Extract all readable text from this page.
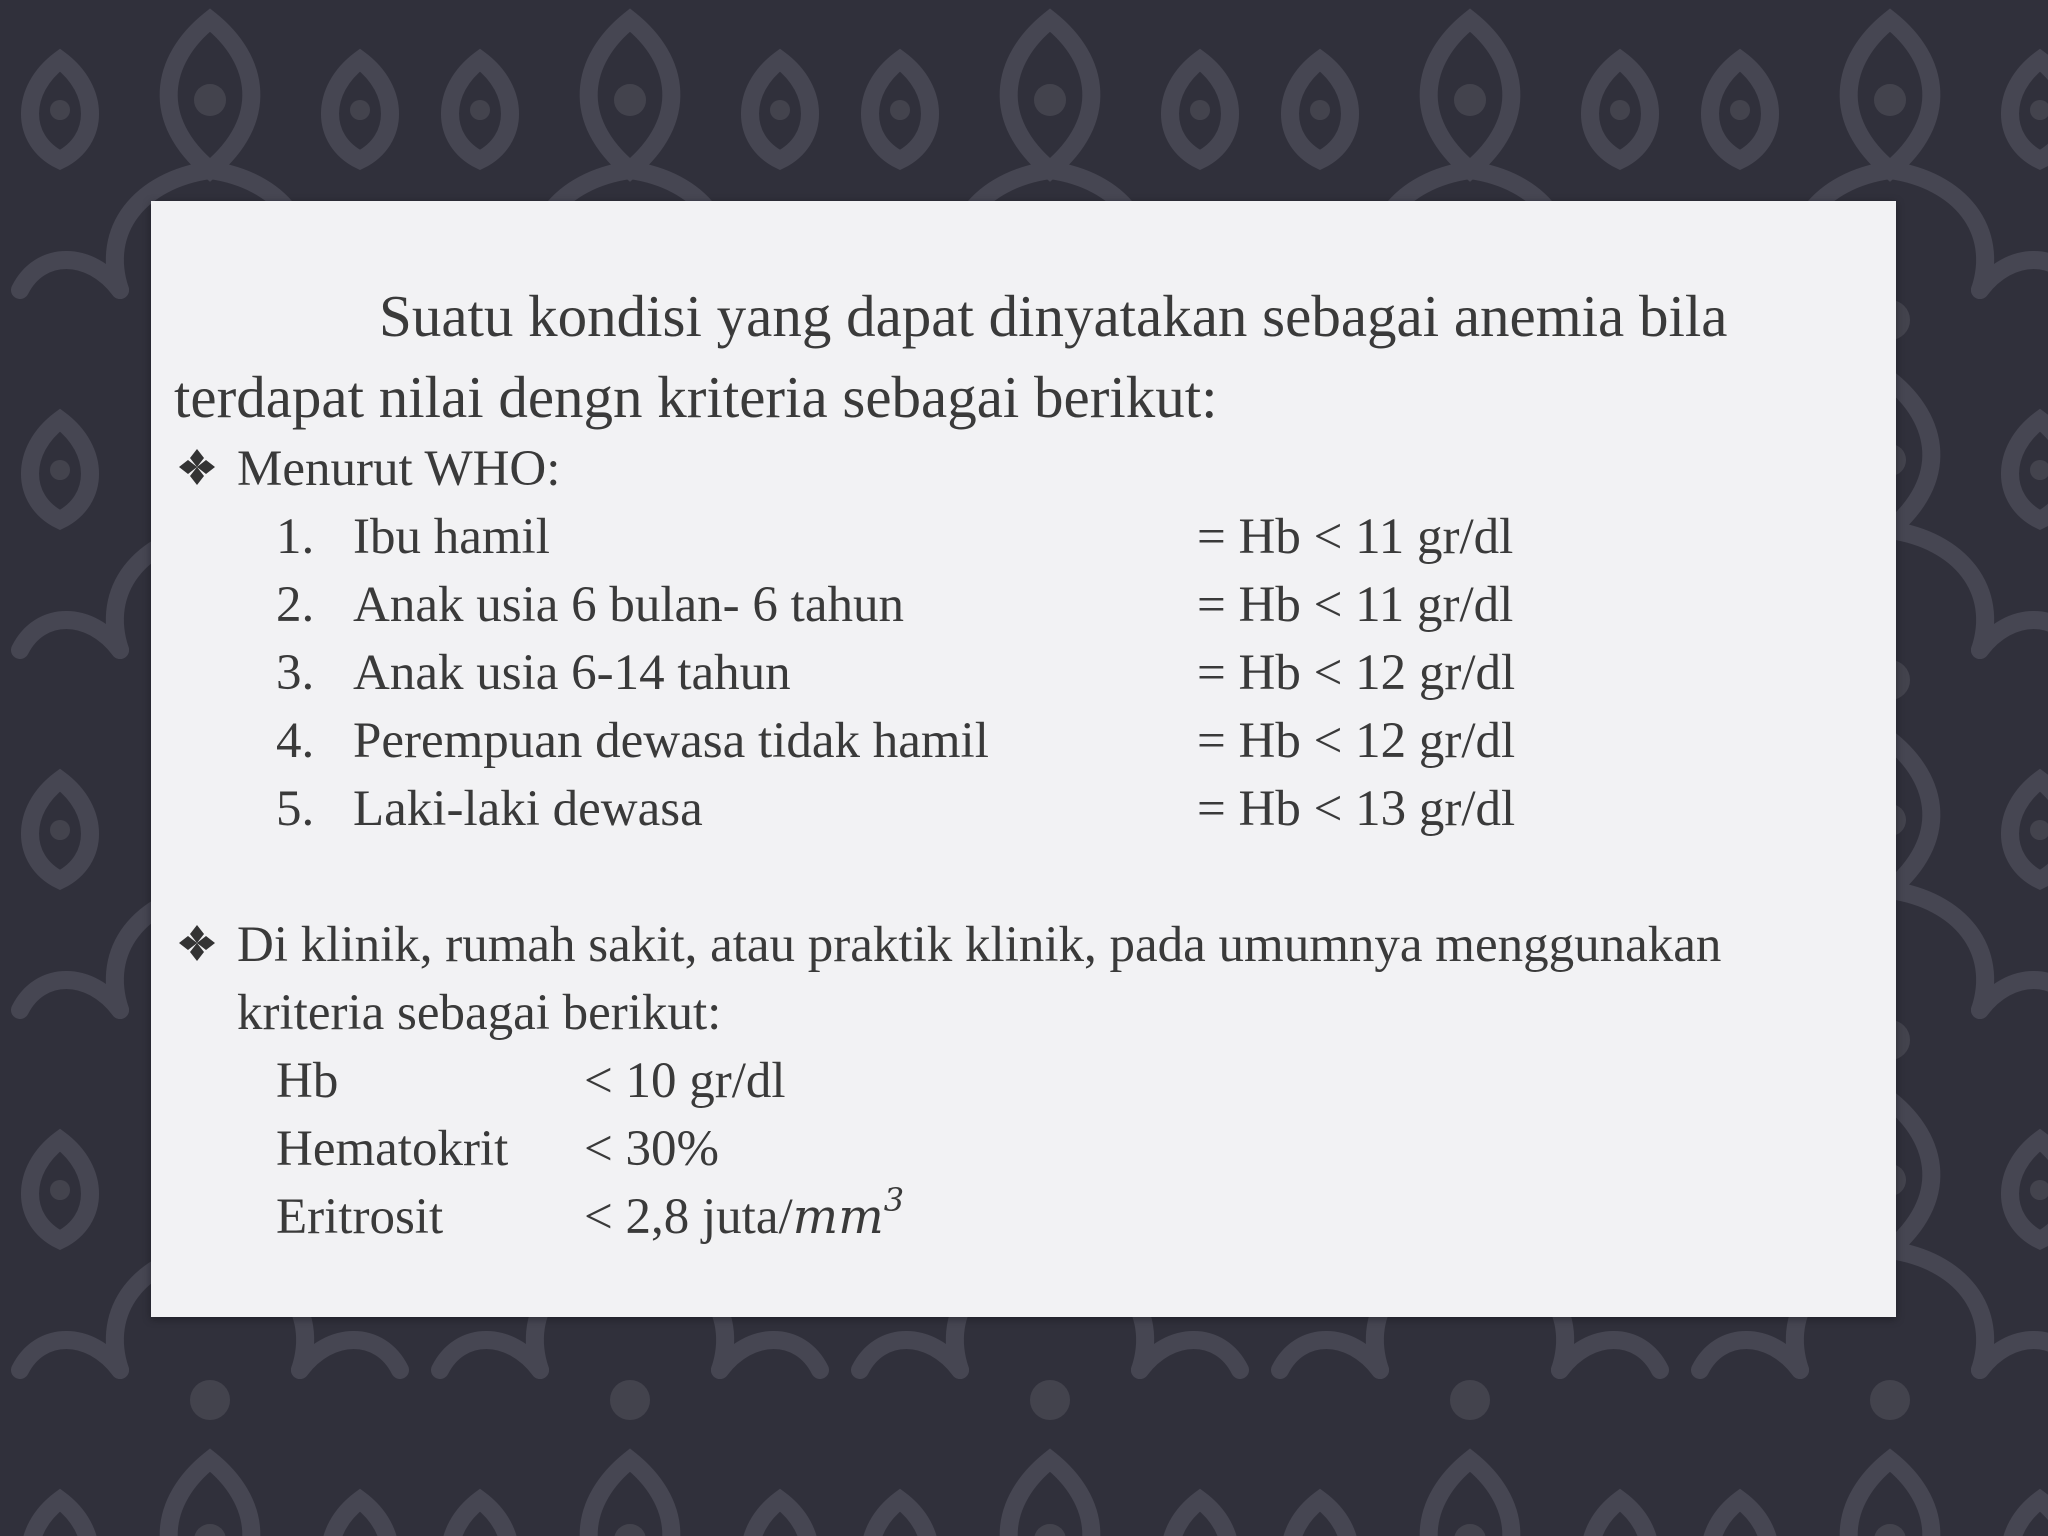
Suatu kondisi yang dapat dinyatakan sebagai anemia bila
terdapat nilai dengn kriteria sebagai berikut:
Menurut WHO:
1. Ibu hamil	= Hb < 11 gr/dl
2. Anak usia 6 bulan- 6 tahun	= Hb < 11 gr/dl
3. Anak usia 6-14 tahun	= Hb < 12 gr/dl
4. Perempuan dewasa tidak hamil	= Hb < 12 gr/dl
5. Laki-laki dewasa	= Hb < 13 gr/dl
Di klinik, rumah sakit, atau praktik klinik, pada umumnya menggunakan
kriteria sebagai berikut:
Hb	< 10 gr/dl
Hematokrit < 30%
Eritrosit	< 2,8 juta/$mm^3$
